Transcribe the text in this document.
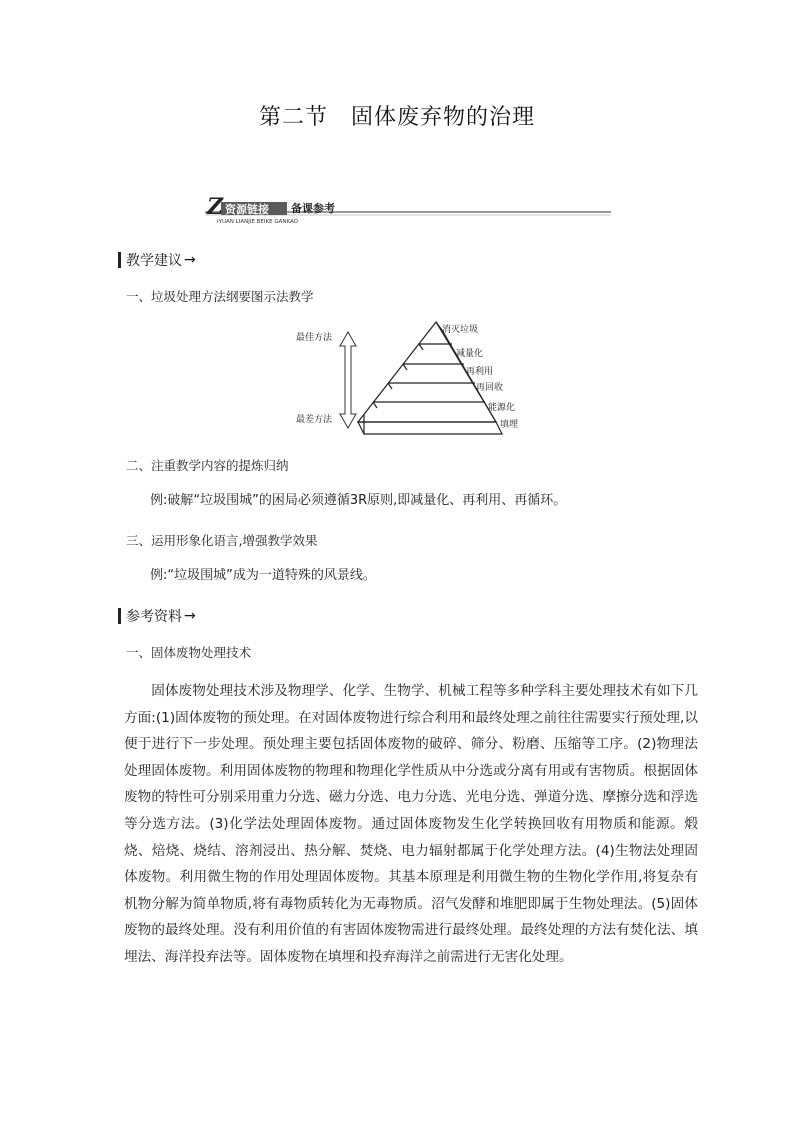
第二节　固体废弃物的治理
Z 资源链接 备课参考
IYUAN LIANJIE BEIKE GANKAO
教学建议 →
一、垃圾处理方法纲要图示法教学
最佳方法
最差方法
消灭垃圾
减量化
再利用
再回收
能源化
填埋
二、注重教学内容的提炼归纳
例:破解“垃圾围城”的困局必须遵循3R原则,即减量化、再利用、再循环。
三、运用形象化语言,增强教学效果
例:“垃圾围城”成为一道特殊的风景线。
参考资料 →
一、固体废物处理技术
固体废物处理技术涉及物理学、化学、生物学、机械工程等多种学科主要处理技术有如下几方面:(1)固体废物的预处理。在对固体废物进行综合利用和最终处理之前往往需要实行预处理,以便于进行下一步处理。预处理主要包括固体废物的破碎、筛分、粉磨、压缩等工序。(2)物理法处理固体废物。利用固体废物的物理和物理化学性质从中分选或分离有用或有害物质。根据固体废物的特性可分别采用重力分选、磁力分选、电力分选、光电分选、弹道分选、摩擦分选和浮选等分选方法。(3)化学法处理固体废物。通过固体废物发生化学转换回收有用物质和能源。煅烧、焙烧、烧结、溶剂浸出、热分解、焚烧、电力辐射都属于化学处理方法。(4)生物法处理固体废物。利用微生物的作用处理固体废物。其基本原理是利用微生物的生物化学作用,将复杂有机物分解为简单物质,将有毒物质转化为无毒物质。沼气发酵和堆肥即属于生物处理法。(5)固体废物的最终处理。没有利用价值的有害固体废物需进行最终处理。最终处理的方法有焚化法、填埋法、海洋投弃法等。固体废物在填埋和投弃海洋之前需进行无害化处理。
